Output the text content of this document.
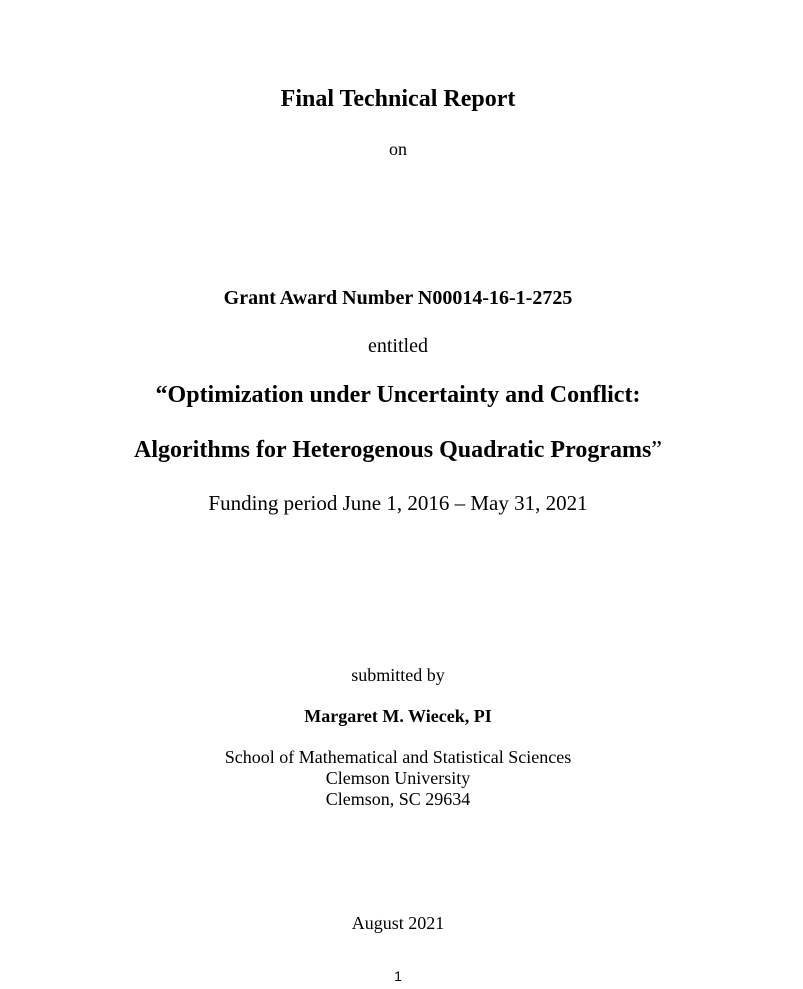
Final Technical Report
on
Grant Award Number N00014-16-1-2725
entitled
“Optimization under Uncertainty and Conflict:
Algorithms for Heterogenous Quadratic Programs”
Funding period June 1, 2016 – May 31, 2021
submitted by
Margaret M. Wiecek, PI
School of Mathematical and Statistical Sciences
Clemson University
Clemson, SC 29634
August 2021
1
